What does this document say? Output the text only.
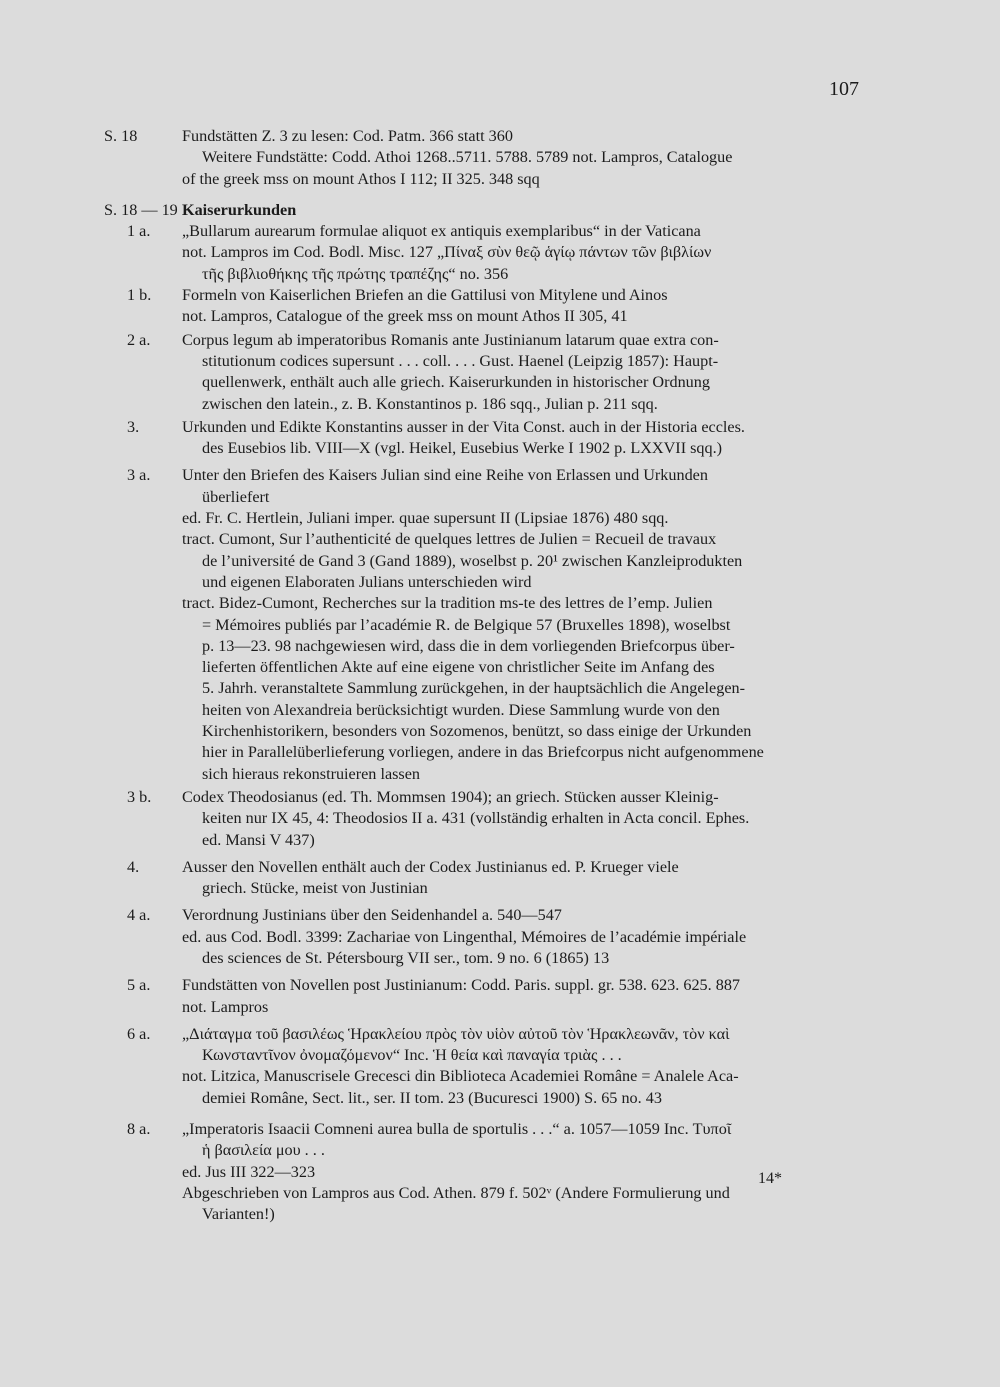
107
S. 18	Fundstätten Z. 3 zu lesen: Cod. Patm. 366 statt 360
Weitere Fundstätte: Codd. Athoi 1268..5711. 5788. 5789 not. Lampros, Catalogue
of the greek mss on mount Athos I 112; II 325. 348 sqq
S. 18 — 19 Kaiserurkunden
1 a.	„Bullarum aurearum formulae aliquot ex antiquis exemplaribus“ in der Vaticana
not. Lampros im Cod. Bodl. Misc. 127 „Πίναξ σὺν θεῷ ἁγίῳ πάντων τῶν βιβλίων
τῆς βιβλιοθήκης τῆς πρώτης τραπέζης“ no. 356
1 b.	Formeln von Kaiserlichen Briefen an die Gattilusi von Mitylene und Ainos
not. Lampros, Catalogue of the greek mss on mount Athos II 305, 41
2 a.	Corpus legum ab imperatoribus Romanis ante Justinianum latarum quae extra con-
stitutionum codices supersunt . . . coll. . . . Gust. Haenel (Leipzig 1857): Haupt-
quellenwerk, enthält auch alle griech. Kaiserurkunden in historischer Ordnung
zwischen den latein., z. B. Konstantinos p. 186 sqq., Julian p. 211 sqq.
3.	Urkunden und Edikte Konstantins ausser in der Vita Const. auch in der Historia eccles.
des Eusebios lib. VIII—X (vgl. Heikel, Eusebius Werke I 1902 p. LXXVII sqq.)
3 a.	Unter den Briefen des Kaisers Julian sind eine Reihe von Erlassen und Urkunden
überliefert
ed. Fr. C. Hertlein, Juliani imper. quae supersunt II (Lipsiae 1876) 480 sqq.
tract. Cumont, Sur l’authenticité de quelques lettres de Julien = Recueil de travaux
de l’université de Gand 3 (Gand 1889), woselbst p. 20¹ zwischen Kanzleiprodukten
und eigenen Elaboraten Julians unterschieden wird
tract. Bidez-Cumont, Recherches sur la tradition ms-te des lettres de l’emp. Julien
= Mémoires publiés par l’académie R. de Belgique 57 (Bruxelles 1898), woselbst
p. 13—23. 98 nachgewiesen wird, dass die in dem vorliegenden Briefcorpus über-
lieferten öffentlichen Akte auf eine eigene von christlicher Seite im Anfang des
5. Jahrh. veranstaltete Sammlung zurückgehen, in der hauptsächlich die Angelegen-
heiten von Alexandreia berücksichtigt wurden. Diese Sammlung wurde von den
Kirchenhistorikern, besonders von Sozomenos, benützt, so dass einige der Urkunden
hier in Parallelüberlieferung vorliegen, andere in das Briefcorpus nicht aufgenommene
sich hieraus rekonstruieren lassen
3 b.	Codex Theodosianus (ed. Th. Mommsen 1904); an griech. Stücken ausser Kleinig-
keiten nur IX 45, 4: Theodosios II a. 431 (vollständig erhalten in Acta concil. Ephes.
ed. Mansi V 437)
4.	Ausser den Novellen enthält auch der Codex Justinianus ed. P. Krueger viele
griech. Stücke, meist von Justinian
4 a.	Verordnung Justinians über den Seidenhandel a. 540—547
ed. aus Cod. Bodl. 3399: Zachariae von Lingenthal, Mémoires de l’académie impériale
des sciences de St. Pétersbourg VII ser., tom. 9 no. 6 (1865) 13
5 a.	Fundstätten von Novellen post Justinianum: Codd. Paris. suppl. gr. 538. 623. 625. 887
not. Lampros
6 a.	„Διάταγμα τοῦ βασιλέως Ἡρακλείου πρὸς τὸν υἱὸν αὐτοῦ τὸν Ἡρακλεωνᾶν, τὸν καὶ
Κωνσταντῖνον ὀνομαζόμενον“ Inc. Ἡ θεία καὶ παναγία τριὰς . . .
not. Litzica, Manuscrisele Grecesci din Biblioteca Academiei Române = Analele Aca-
demiei Române, Sect. lit., ser. II tom. 23 (Bucuresci 1900) S. 65 no. 43
8 a.	„Imperatoris Isaacii Comneni aurea bulla de sportulis . . .“ a. 1057—1059 Inc. Τυποῖ
ἡ βασιλεία μου . . .
ed. Jus III 322—323
Abgeschrieben von Lampros aus Cod. Athen. 879 f. 502ᵛ (Andere Formulierung und
Varianten!)
14*
